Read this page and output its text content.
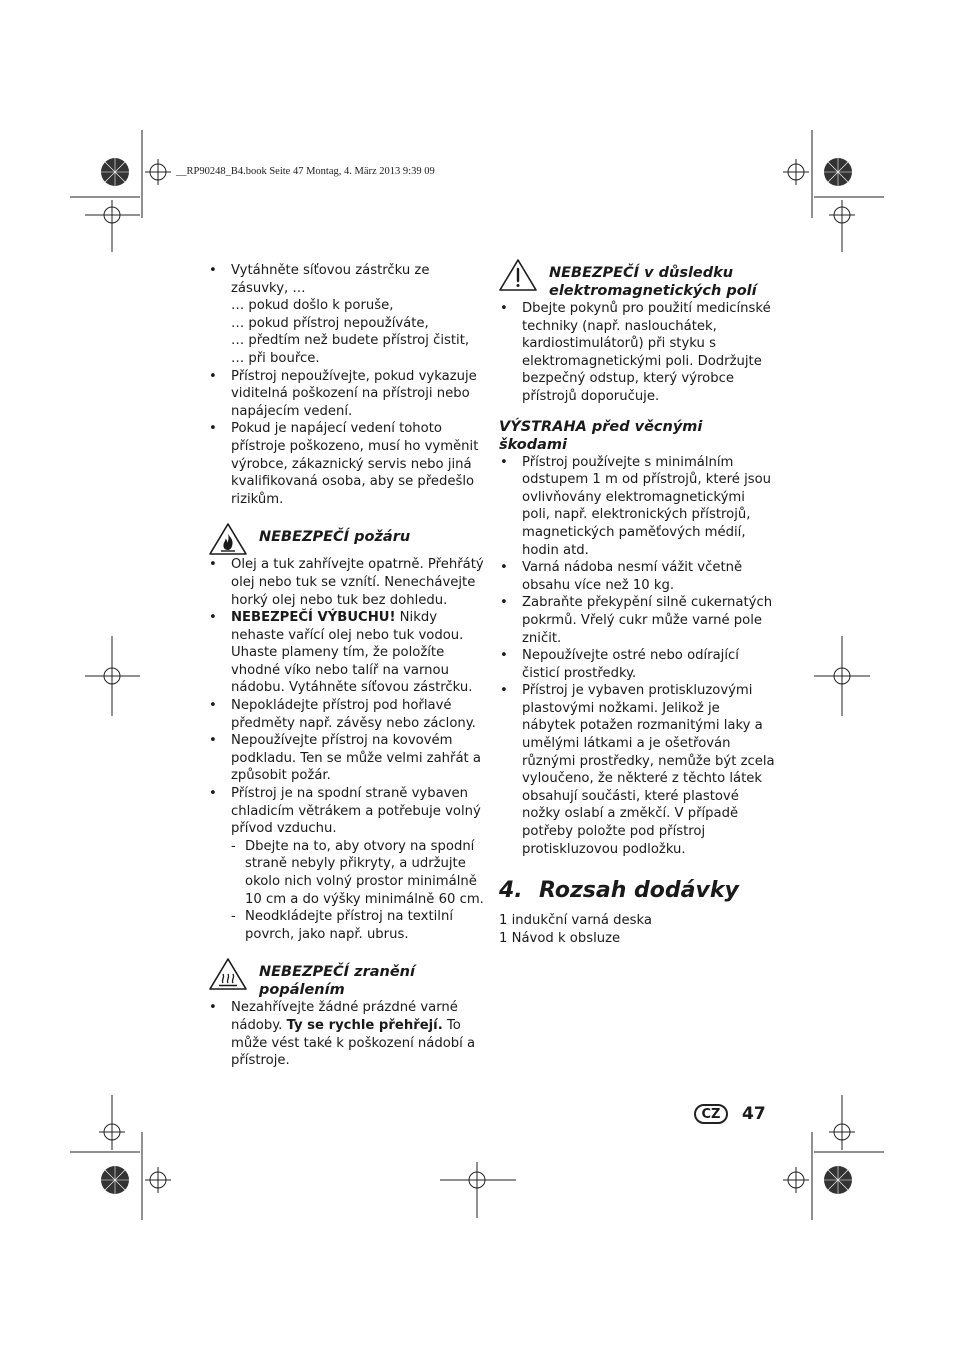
__RP90248_B4.book Seite 47 Montag, 4. März 2013 9:39 09
• Vytáhněte síťovou zástrčku ze zásuvky, …
… pokud došlo k poruše,
… pokud přístroj nepoužíváte,
… předtím než budete přístroj čistit,
… při bouřce.
• Přístroj nepoužívejte, pokud vykazuje viditelná poškození na přístroji nebo napájecím vedení.
• Pokud je napájecí vedení tohoto přístroje poškozeno, musí ho vyměnit výrobce, zákaznický servis nebo jiná kvalifikovaná osoba, aby se předešlo rizikům.
NEBEZPEČÍ požáru
• Olej a tuk zahřívejte opatrně. Přehřátý olej nebo tuk se vznítí. Nenechávejte horký olej nebo tuk bez dohledu.
• NEBEZPEČÍ VÝBUCHU! Nikdy nehaste vařící olej nebo tuk vodou. Uhaste plameny tím, že položíte vhodné víko nebo talíř na varnou nádobu. Vytáhněte síťovou zástrčku.
• Nepokládejte přístroj pod hořlavé předměty např. závěsy nebo záclony.
• Nepoužívejte přístroj na kovovém podkladu. Ten se může velmi zahřát a způsobit požár.
• Přístroj je na spodní straně vybaven chladicím větrákem a potřebuje volný přívod vzduchu.
- Dbejte na to, aby otvory na spodní straně nebyly přikryty, a udržujte okolo nich volný prostor minimálně 10 cm a do výšky minimálně 60 cm.
- Neodkládejte přístroj na textilní povrch, jako např. ubrus.
NEBEZPEČÍ zranění popálením
• Nezahřívejte žádné prázdné varné nádoby. Ty se rychle přehřejí. To může vést také k poškození nádobí a přístroje.
NEBEZPEČÍ v důsledku elektromagnetických polí
• Dbejte pokynů pro použití medicínské techniky (např. naslouchátek, kardiostimulátorů) při styku s elektromagnetickými poli. Dodržujte bezpečný odstup, který výrobce přístrojů doporučuje.
VÝSTRAHA před věcnými škodami
• Přístroj používejte s minimálním odstupem 1 m od přístrojů, které jsou ovlivňovány elektromagnetickými poli, např. elektronických přístrojů, magnetických paměťových médií, hodin atd.
• Varná nádoba nesmí vážit včetně obsahu více než 10 kg.
• Zabraňte překypění silně cukernatých pokrmů. Vřelý cukr může varné pole zničit.
• Nepoužívejte ostré nebo odírající čisticí prostředky.
• Přístroj je vybaven protiskluzovými plastovými nožkami. Jelikož je nábytek potažen rozmanitými laky a umělými látkami a je ošetřován různými prostředky, nemůže být zcela vyloučeno, že některé z těchto látek obsahují součásti, které plastové nožky oslabí a změkčí. V případě potřeby položte pod přístroj protiskluzovou podložku.
4. Rozsah dodávky
1 indukční varná deska
1 Návod k obsluze
CZ	47
